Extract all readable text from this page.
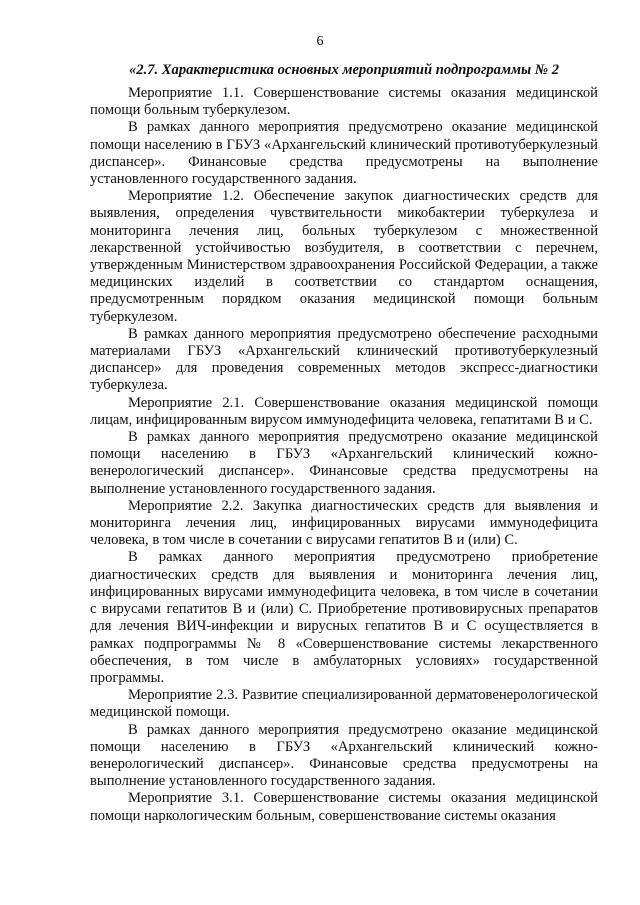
6
«2.7. Характеристика основных мероприятий подпрограммы № 2

Мероприятие 1.1. Совершенствование системы оказания медицинской помощи больным туберкулезом.

В рамках данного мероприятия предусмотрено оказание медицинской помощи населению в ГБУЗ «Архангельский клинический противотуберкулезный диспансер». Финансовые средства предусмотрены на выполнение установленного государственного задания.

Мероприятие 1.2. Обеспечение закупок диагностических средств для выявления, определения чувствительности микобактерии туберкулеза и мониторинга лечения лиц, больных туберкулезом с множественной лекарственной устойчивостью возбудителя, в соответствии с перечнем, утвержденным Министерством здравоохранения Российской Федерации, а также медицинских изделий в соответствии со стандартом оснащения, предусмотренным порядком оказания медицинской помощи больным туберкулезом.

В рамках данного мероприятия предусмотрено обеспечение расходными материалами ГБУЗ «Архангельский клинический противотуберкулезный диспансер» для проведения современных методов экспресс-диагностики туберкулеза.

Мероприятие 2.1. Совершенствование оказания медицинской помощи лицам, инфицированным вирусом иммунодефицита человека, гепатитами В и С.

В рамках данного мероприятия предусмотрено оказание медицинской помощи населению в ГБУЗ «Архангельский клинический кожно-венерологический диспансер». Финансовые средства предусмотрены на выполнение установленного государственного задания.

Мероприятие 2.2. Закупка диагностических средств для выявления и мониторинга лечения лиц, инфицированных вирусами иммунодефицита человека, в том числе в сочетании с вирусами гепатитов В и (или) С.

В рамках данного мероприятия предусмотрено приобретение диагностических средств для выявления и мониторинга лечения лиц, инфицированных вирусами иммунодефицита человека, в том числе в сочетании с вирусами гепатитов В и (или) С. Приобретение противовирусных препаратов для лечения ВИЧ-инфекции и вирусных гепатитов В и С осуществляется в рамках подпрограммы № 8 «Совершенствование системы лекарственного обеспечения, в том числе в амбулаторных условиях» государственной программы.

Мероприятие 2.3. Развитие специализированной дерматовенерологической медицинской помощи.

В рамках данного мероприятия предусмотрено оказание медицинской помощи населению в ГБУЗ «Архангельский клинический кожно-венерологический диспансер». Финансовые средства предусмотрены на выполнение установленного государственного задания.

Мероприятие 3.1. Совершенствование системы оказания медицинской помощи наркологическим больным, совершенствование системы оказания
